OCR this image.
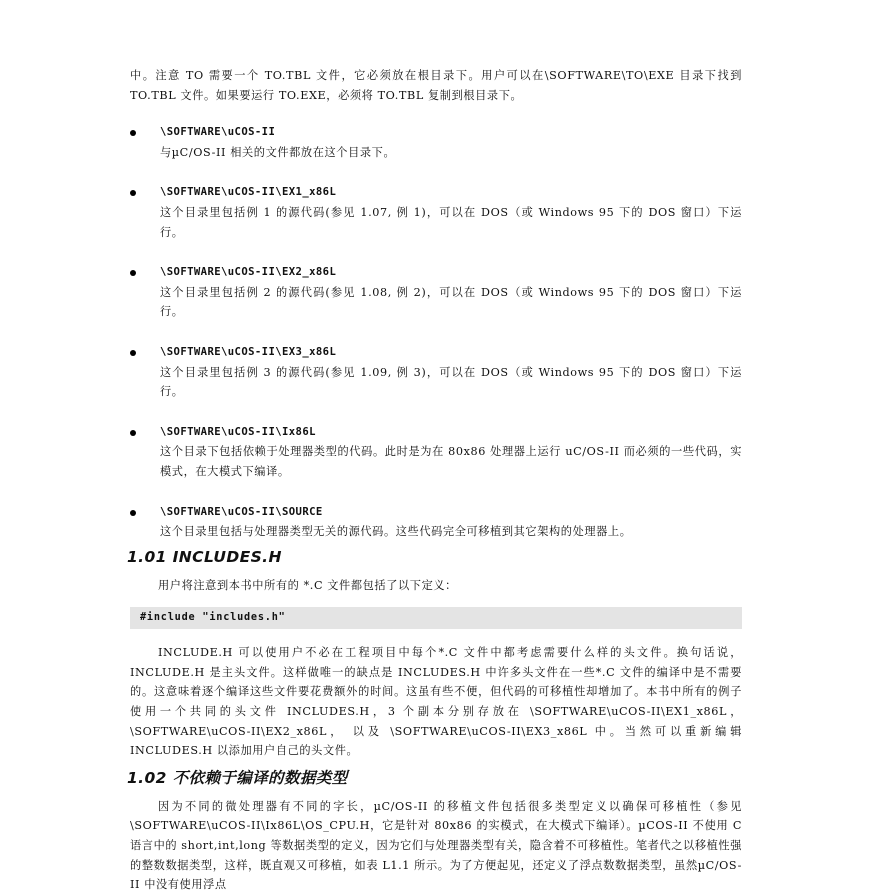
中。注意 TO 需要一个 TO.TBL 文件，它必须放在根目录下。用户可以在\SOFTWARE\TO\EXE 目录下找到 TO.TBL 文件。如果要运行 TO.EXE，必须将 TO.TBL 复制到根目录下。

\SOFTWARE\uCOS-II

与µC/OS-II 相关的文件都放在这个目录下。

\SOFTWARE\uCOS-II\EX1_x86L

这个目录里包括例 1 的源代码(参见 1.07, 例 1)，可以在 DOS（或 Windows 95 下的 DOS 窗口）下运行。

\SOFTWARE\uCOS-II\EX2_x86L

这个目录里包括例 2 的源代码(参见 1.08, 例 2)，可以在 DOS（或 Windows 95 下的 DOS 窗口）下运行。

\SOFTWARE\uCOS-II\EX3_x86L

这个目录里包括例 3 的源代码(参见 1.09, 例 3)，可以在 DOS（或 Windows 95 下的 DOS 窗口）下运行。

\SOFTWARE\uCOS-II\Ix86L

这个目录下包括依赖于处理器类型的代码。此时是为在 80x86 处理器上运行 uC/OS-II 而必须的一些代码，实模式，在大模式下编译。

\SOFTWARE\uCOS-II\SOURCE

这个目录里包括与处理器类型无关的源代码。这些代码完全可移植到其它架构的处理器上。

1.01 INCLUDES.H

用户将注意到本书中所有的 *.C 文件都包括了以下定义：

#include "includes.h"

INCLUDE.H 可以使用户不必在工程项目中每个*.C 文件中都考虑需要什么样的头文件。换句话说，INCLUDE.H 是主头文件。这样做唯一的缺点是 INCLUDES.H 中许多头文件在一些*.C 文件的编译中是不需要的。这意味着逐个编译这些文件要花费额外的时间。这虽有些不便，但代码的可移植性却增加了。本书中所有的例子使用一个共同的头文件 INCLUDES.H，3 个副本分别存放在 \SOFTWARE\uCOS-II\EX1_x86L， \SOFTWARE\uCOS-II\EX2_x86L， 以及 \SOFTWARE\uCOS-II\EX3_x86L 中。当然可以重新编辑 INCLUDES.H 以添加用户自己的头文件。

1.02 不依赖于编译的数据类型

因为不同的微处理器有不同的字长，µC/OS-II 的移植文件包括很多类型定义以确保可移植性（参见\SOFTWARE\uCOS-II\Ix86L\OS_CPU.H，它是针对 80x86 的实模式，在大模式下编译）。µCOS-II 不使用 C 语言中的 short,int,long 等数据类型的定义，因为它们与处理器类型有关，隐含着不可移植性。笔者代之以移植性强的整数数据类型，这样，既直观又可移植，如表 L1.1 所示。为了方便起见，还定义了浮点数数据类型，虽然µC/OS-II 中没有使用浮点
